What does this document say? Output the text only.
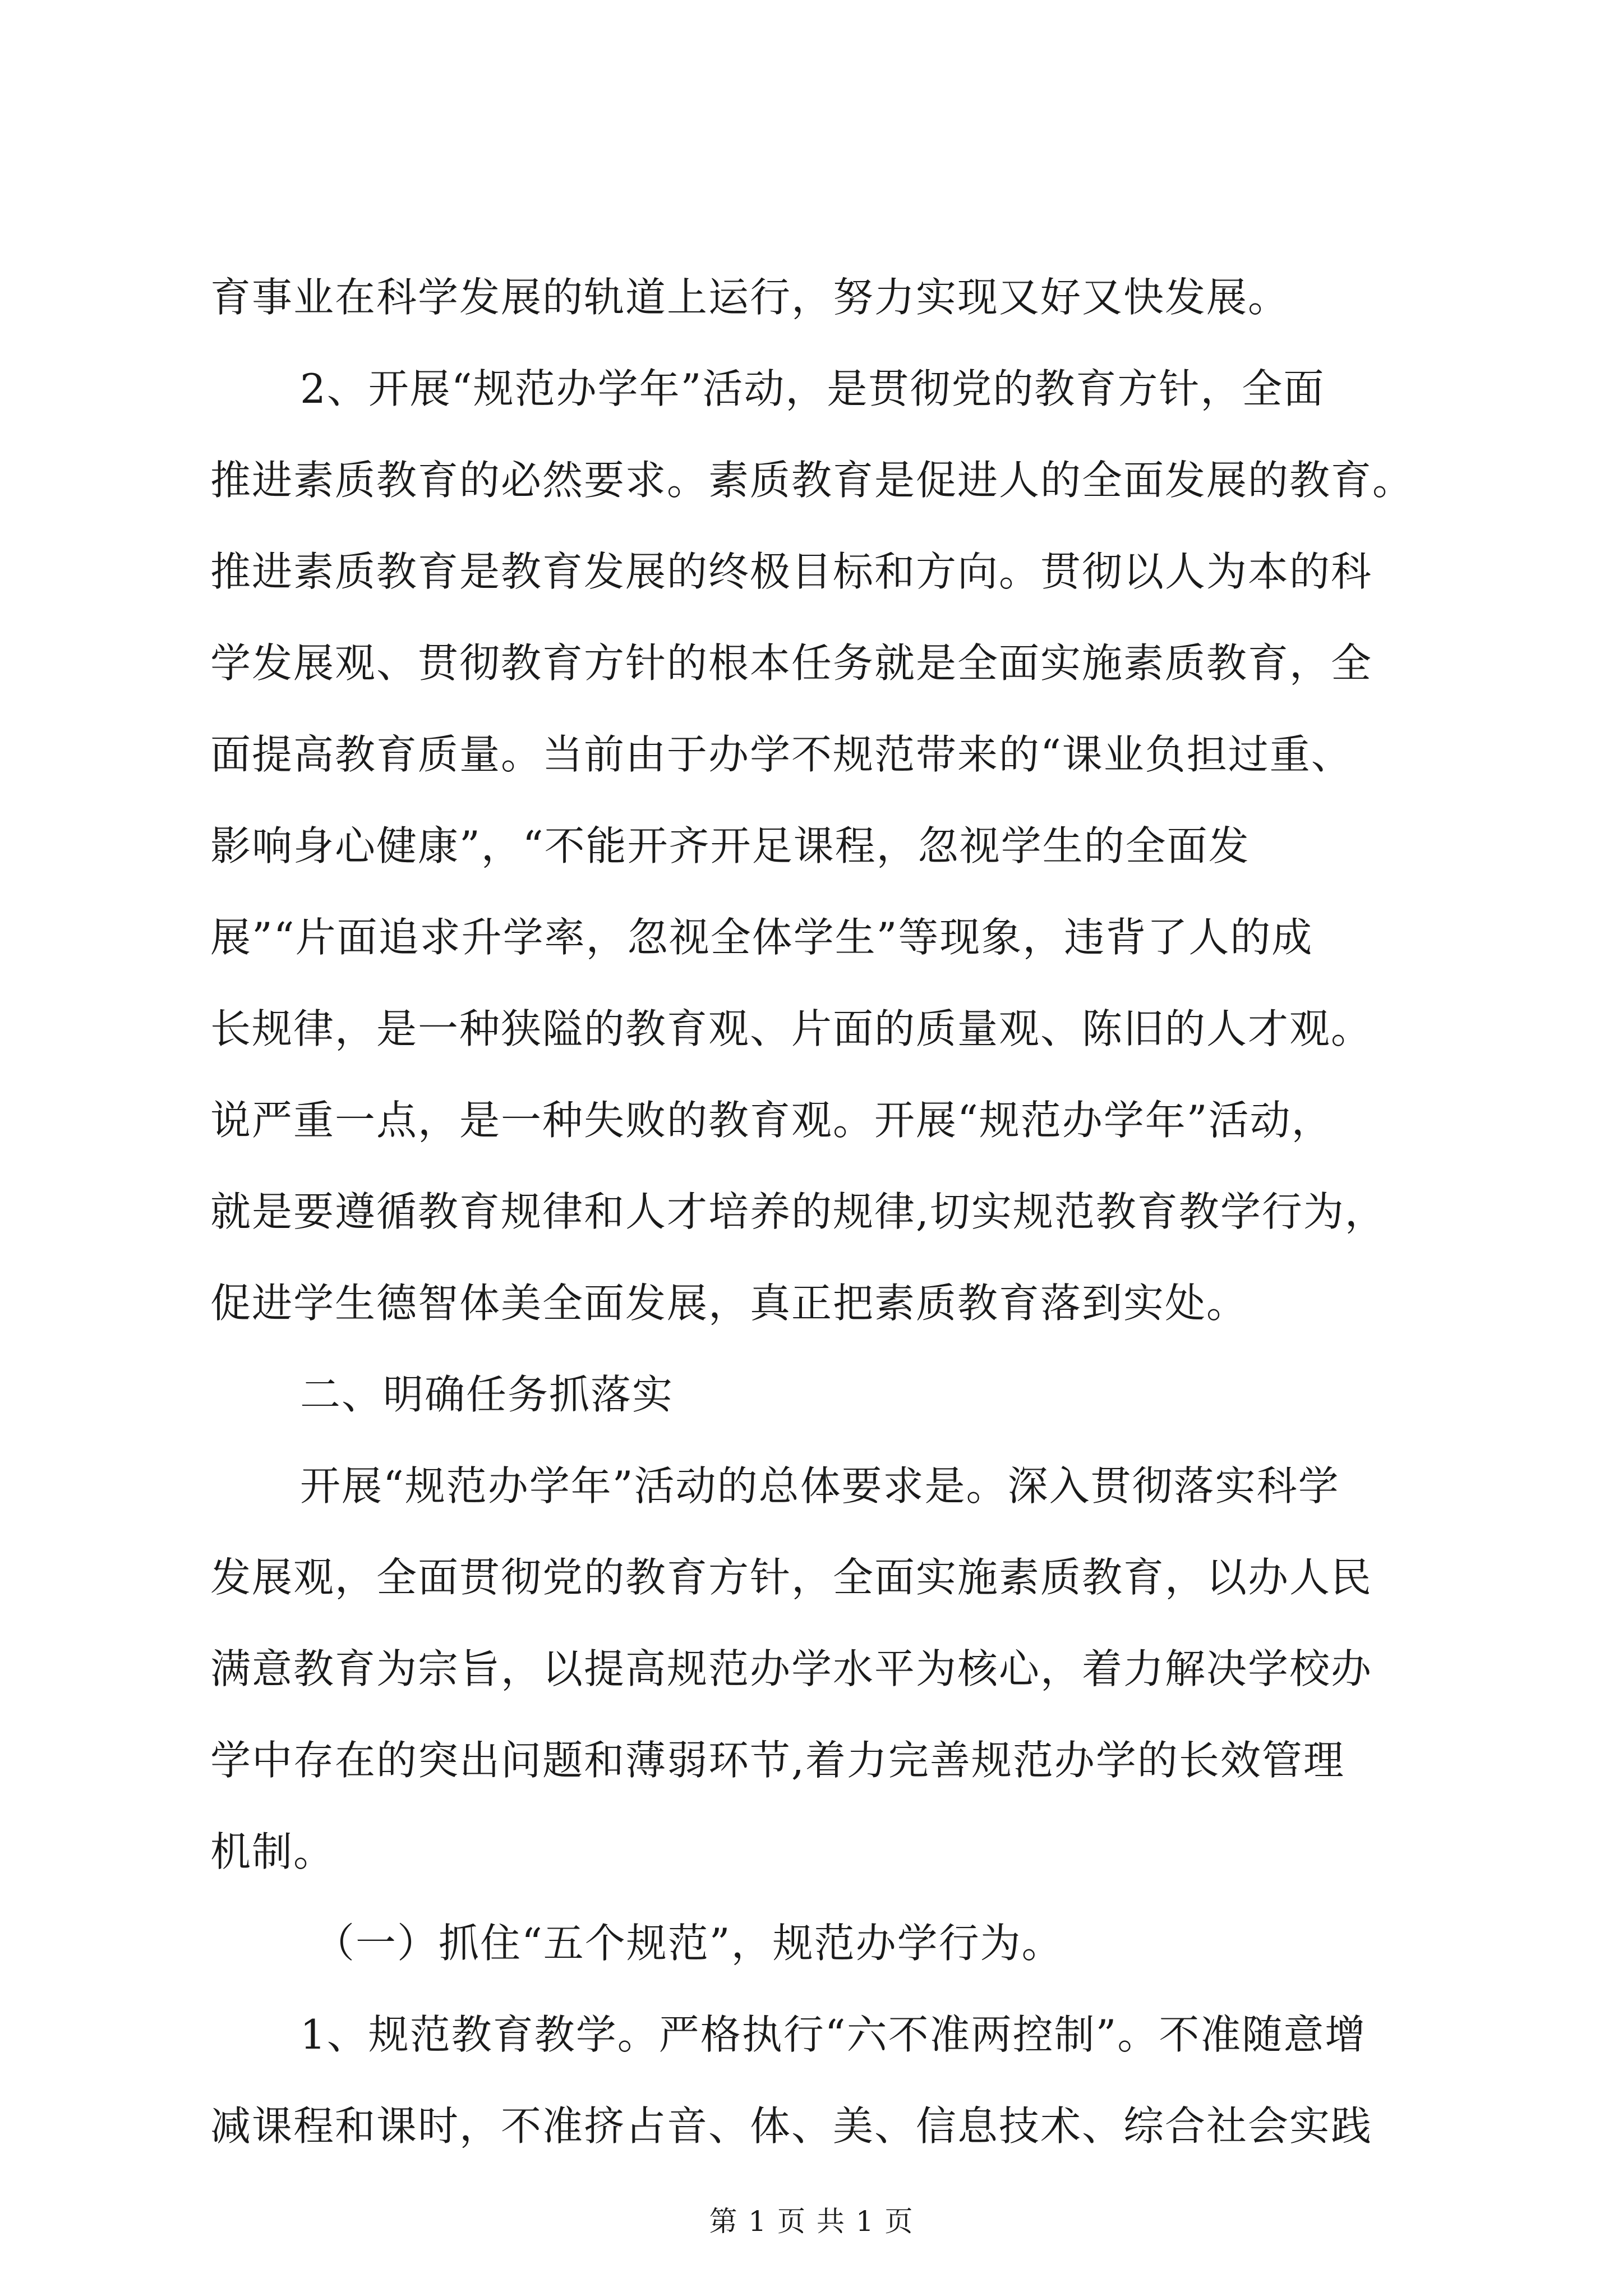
育事业在科学发展的轨道上运行，努力实现又好又快发展。
2、开展“规范办学年”活动，是贯彻党的教育方针，全面
推进素质教育的必然要求。素质教育是促进人的全面发展的教育。
推进素质教育是教育发展的终极目标和方向。贯彻以人为本的科
学发展观、贯彻教育方针的根本任务就是全面实施素质教育，全
面提高教育质量。当前由于办学不规范带来的“课业负担过重、
影响身心健康”，“不能开齐开足课程，忽视学生的全面发
展”“片面追求升学率，忽视全体学生”等现象，违背了人的成
长规律，是一种狭隘的教育观、片面的质量观、陈旧的人才观。
说严重一点，是一种失败的教育观。开展“规范办学年”活动，
就是要遵循教育规律和人才培养的规律,切实规范教育教学行为，
促进学生德智体美全面发展，真正把素质教育落到实处。
二、明确任务抓落实
开展“规范办学年”活动的总体要求是。深入贯彻落实科学
发展观，全面贯彻党的教育方针，全面实施素质教育，以办人民
满意教育为宗旨，以提高规范办学水平为核心，着力解决学校办
学中存在的突出问题和薄弱环节,着力完善规范办学的长效管理
机制。
（一）抓住“五个规范”，规范办学行为。
1、规范教育教学。严格执行“六不准两控制”。不准随意增
减课程和课时，不准挤占音、体、美、信息技术、综合社会实践
第 1 页 共 1 页
